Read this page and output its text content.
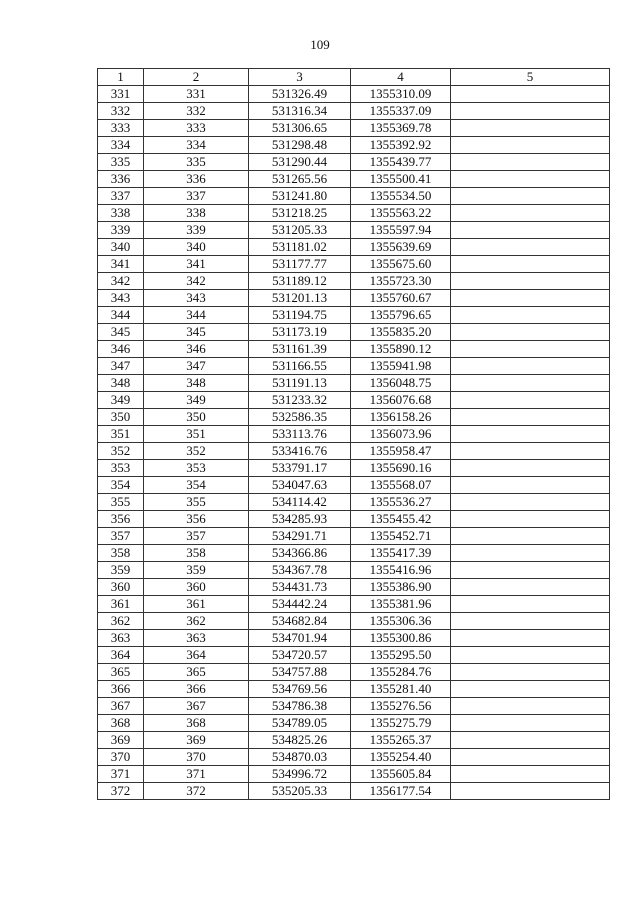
109
1	2	3	4	5
331	331	531326.49	1355310.09	
332	332	531316.34	1355337.09	
333	333	531306.65	1355369.78	
334	334	531298.48	1355392.92	
335	335	531290.44	1355439.77	
336	336	531265.56	1355500.41	
337	337	531241.80	1355534.50	
338	338	531218.25	1355563.22	
339	339	531205.33	1355597.94	
340	340	531181.02	1355639.69	
341	341	531177.77	1355675.60	
342	342	531189.12	1355723.30	
343	343	531201.13	1355760.67	
344	344	531194.75	1355796.65	
345	345	531173.19	1355835.20	
346	346	531161.39	1355890.12	
347	347	531166.55	1355941.98	
348	348	531191.13	1356048.75	
349	349	531233.32	1356076.68	
350	350	532586.35	1356158.26	
351	351	533113.76	1356073.96	
352	352	533416.76	1355958.47	
353	353	533791.17	1355690.16	
354	354	534047.63	1355568.07	
355	355	534114.42	1355536.27	
356	356	534285.93	1355455.42	
357	357	534291.71	1355452.71	
358	358	534366.86	1355417.39	
359	359	534367.78	1355416.96	
360	360	534431.73	1355386.90	
361	361	534442.24	1355381.96	
362	362	534682.84	1355306.36	
363	363	534701.94	1355300.86	
364	364	534720.57	1355295.50	
365	365	534757.88	1355284.76	
366	366	534769.56	1355281.40	
367	367	534786.38	1355276.56	
368	368	534789.05	1355275.79	
369	369	534825.26	1355265.37	
370	370	534870.03	1355254.40	
371	371	534996.72	1355605.84	
372	372	535205.33	1356177.54	
